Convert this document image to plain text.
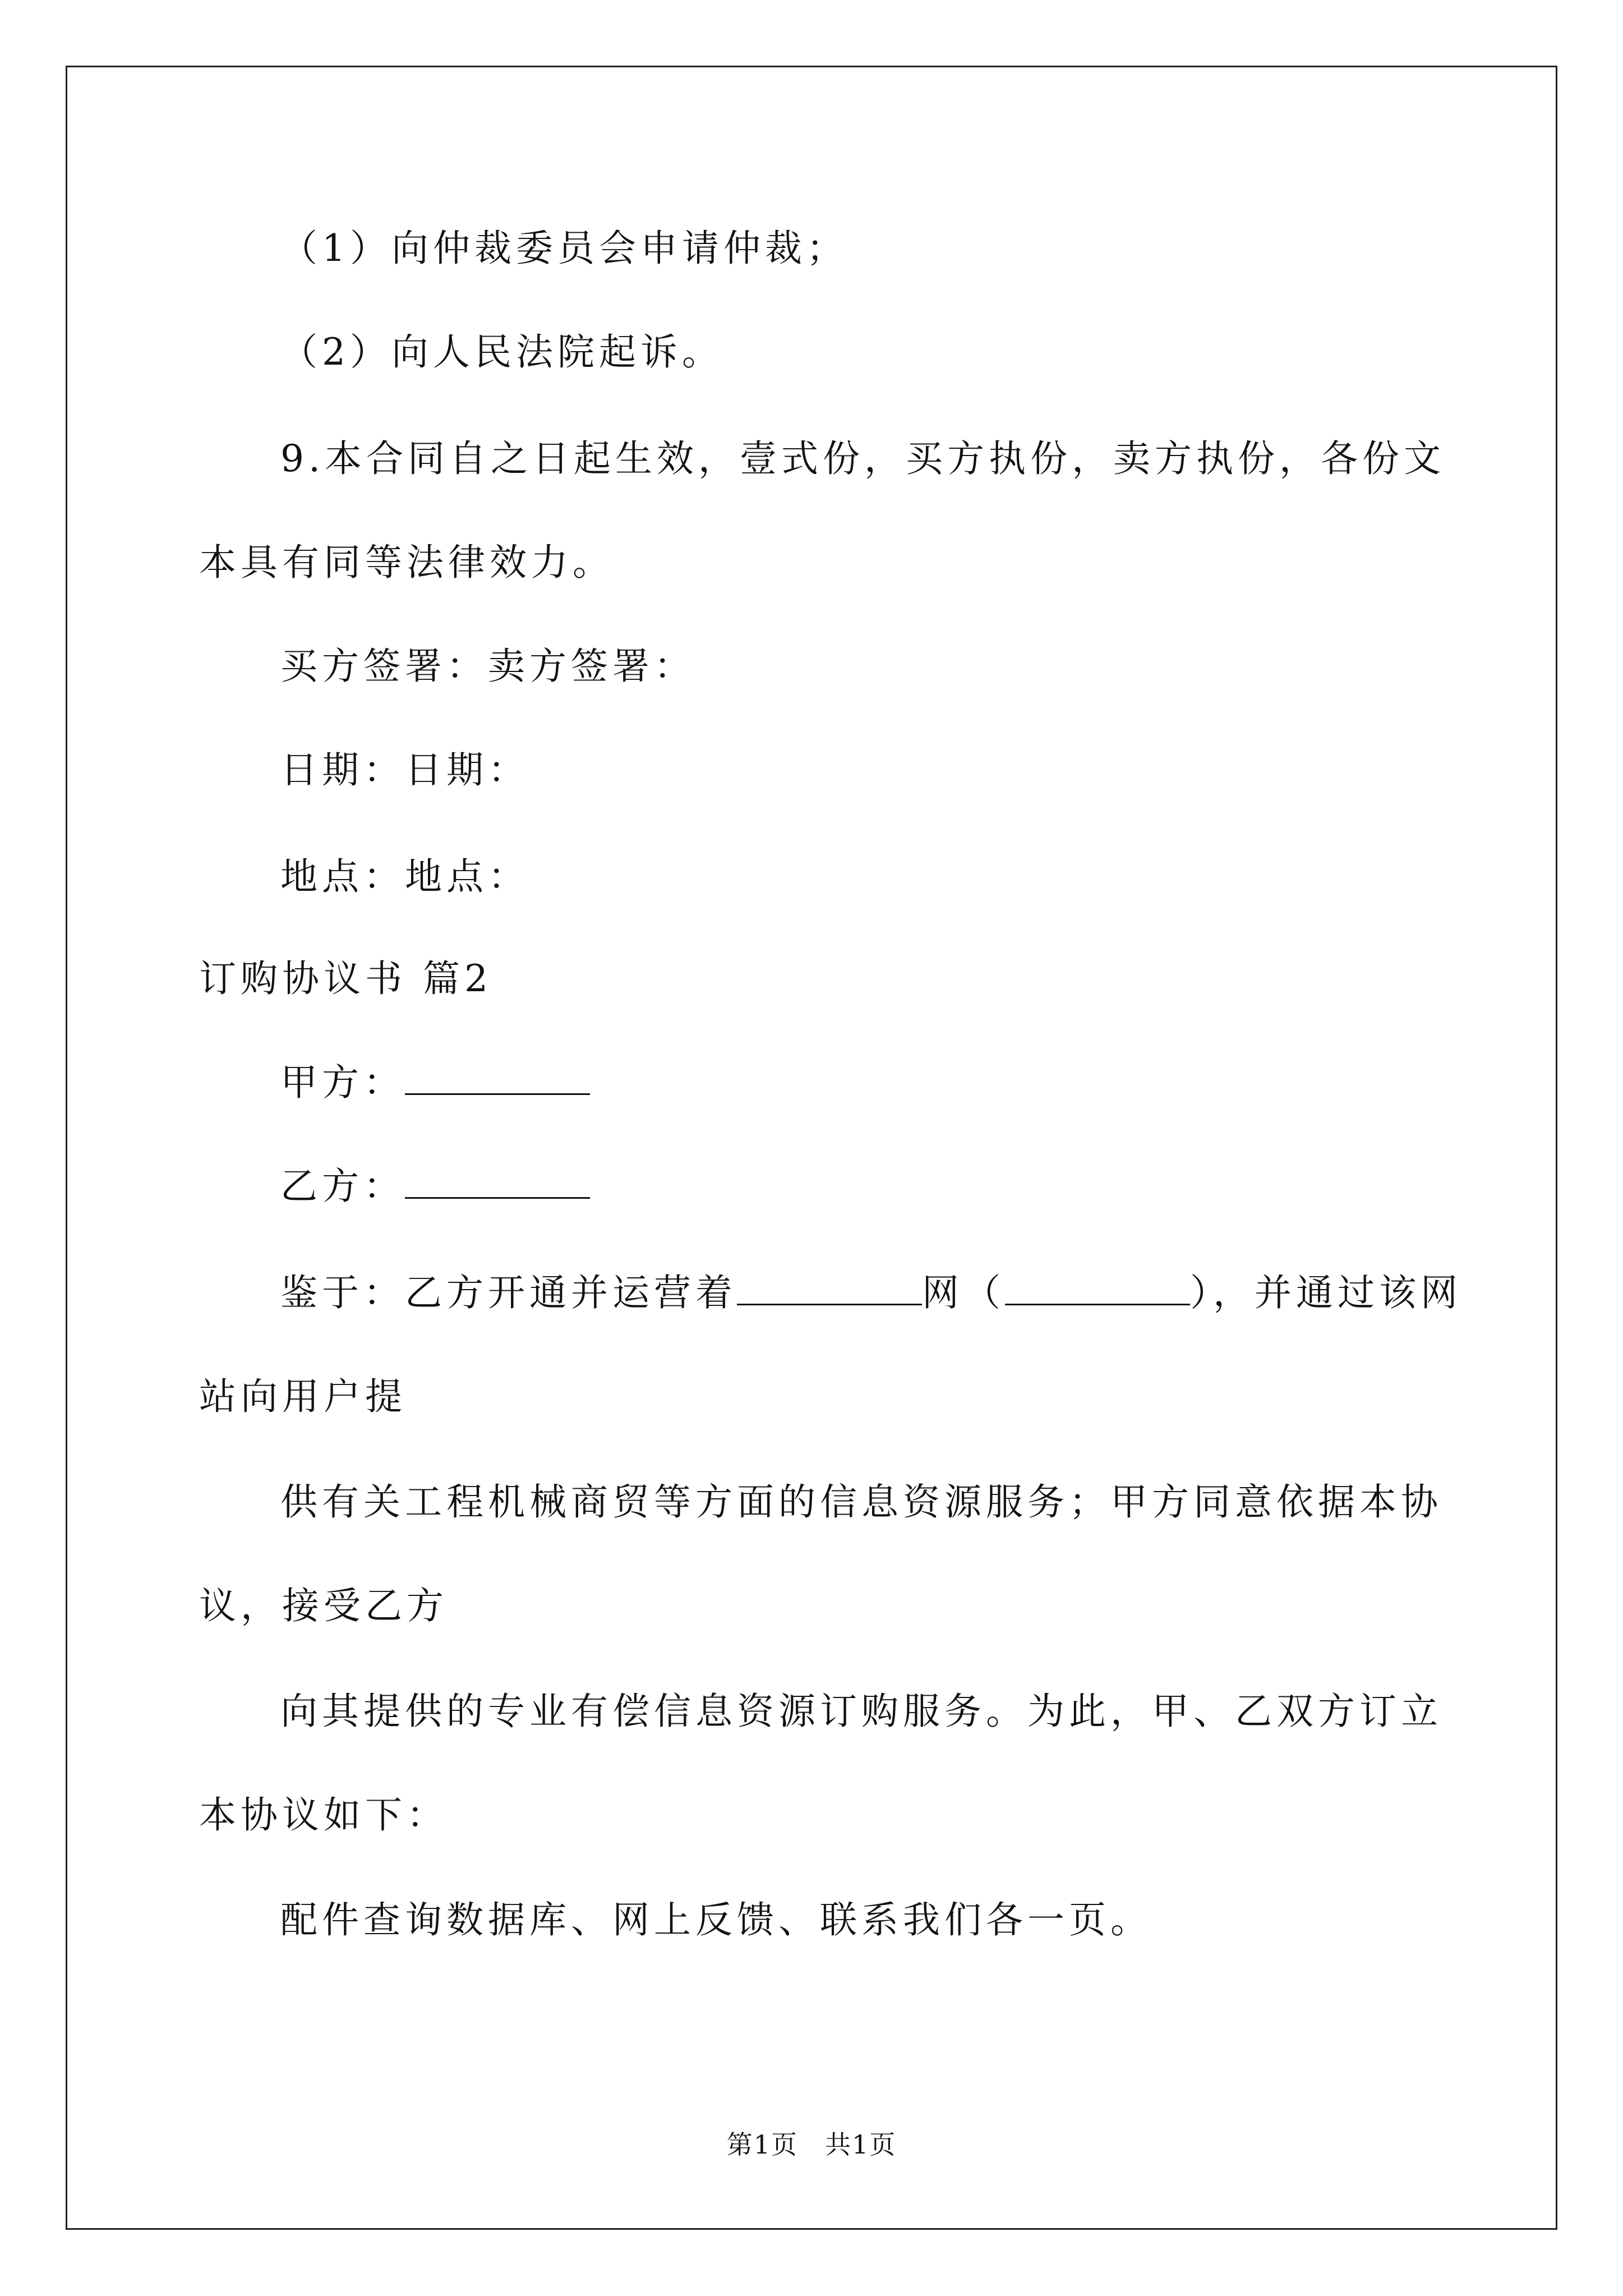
（1）向仲裁委员会申请仲裁；
（2）向人民法院起诉。
9.本合同自之日起生效，壹式份，买方执份，卖方执份，各份文
本具有同等法律效力。
买方签署：卖方签署：
日期：日期：
地点：地点：
订购协议书 篇2
甲方：
乙方：
鉴于：乙方开通并运营着	网（	），并通过该网
站向用户提
供有关工程机械商贸等方面的信息资源服务；甲方同意依据本协
议，接受乙方
向其提供的专业有偿信息资源订购服务。为此，甲、乙双方订立
本协议如下：
配件查询数据库、网上反馈、联系我们各一页。
第1页　共1页
